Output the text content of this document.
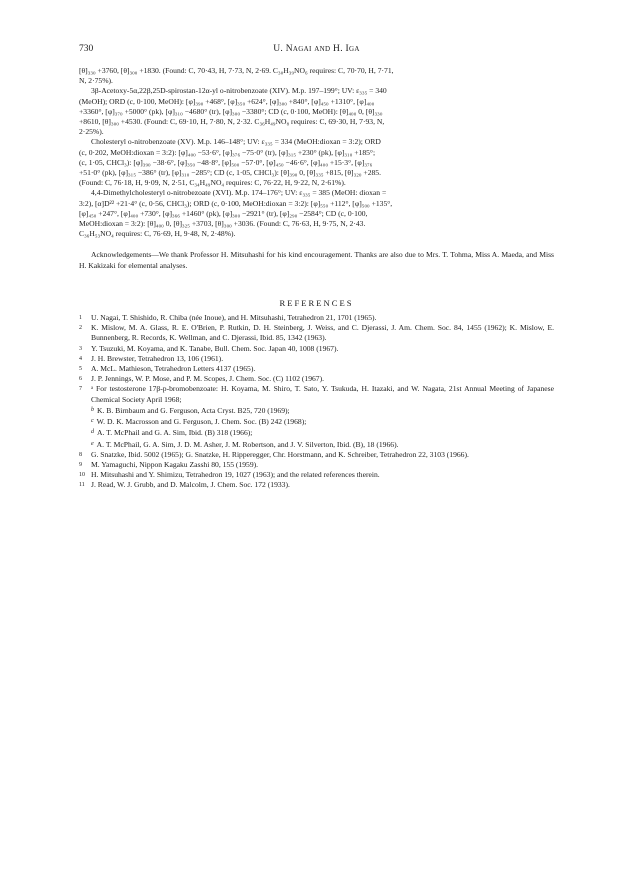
730	U. Nagai and H. Iga
[θ]₃₃₀ +3760, [θ]₃₀₀ +1830. (Found: C, 70·43, H, 7·73, N, 2·69. C₃₀H₃₉NO₆ requires: C, 70·70, H, 7·71,
N, 2·75%).
3β-Acetoxy-5α,22β,25D-spirostan-12α-yl o-nitrobenzoate (XIV). M.p. 197–199°; UV: ε₃₃₅ = 340
(MeOH); ORD (c, 0·100, MeOH): [φ]₃₉₀ +468°, [φ]₃₅₀ +624°, [φ]₃₀₀ +840°, [φ]₄₅₀ +1310°, [φ]₄₀₀
+3360°, [φ]₃₇₀ +5000° (pk), [φ]₃₁₀ −4680° (tr), [φ]₃₀₀ −3380°; CD (c, 0·100, MeOH): [θ]₄₀₀ 0, [θ]₃₃₀
+8610, [θ]₃₀₀ +4530. (Found: C, 69·10, H, 7·80, N, 2·32. C₃₆H₄₉NO₈ requires: C, 69·30, H, 7·93, N,
2·25%).
Cholesteryl o-nitrobenzoate (XV). M.p. 146–148°; UV: ε₃₃₅ = 334 (MeOH:dioxan = 3:2); ORD
(c, 0·202, MeOH:dioxan = 3:2): [φ]₄₀₀ −53·6°, [φ]₃₇₆ −75·0° (tr), [φ]₃₁₅ +230° (pk), [φ]₃₁₀ +185°;
(c, 1·05, CHCl₃): [φ]₃₉₀ −38·6°, [φ]₃₅₀ −48·8°, [φ]₅₀₀ −57·0°, [φ]₄₅₀ −46·6°, [φ]₄₀₀ +15·3°, [φ]₃₇₆
+51·0° (pk), [φ]₃₁₅ −386° (tr), [φ]₃₁₀ −285°; CD (c, 1·05, CHCl₃): [θ]₃₉₀ 0, [θ]₃₃₅ +815, [θ]₃₂₀ +285.
(Found: C, 76·18, H, 9·09, N, 2·51, C₃₄H₄₉NO₄ requires: C, 76·22, H, 9·22, N, 2·61%).
4,4-Dimethylcholesteryl o-nitrobezoate (XVI). M.p. 174–176°; UV: ε₃₃₅ = 385 (MeOH: dioxan =
3:2), [α]D²² +21·4° (c, 0·56, CHCl₃); ORD (c, 0·100, MeOH:dioxan = 3:2): [φ]₅₅₀ +112°, [φ]₅₀₀ +135°,
[φ]₄₅₀ +247°, [φ]₄₀₀ +730°, [φ]₃₆₆ +1460° (pk), [φ]₃₀₀ −2921° (tr), [φ]₂₉₀ −2584°; CD (c, 0·100,
MeOH:dioxan = 3:2): [θ]₄₀₀ 0, [θ]₃₂₅ +3703, [θ]₃₀₀ +3036. (Found: C, 76·63, H, 9·75, N, 2·43.
C₃₆H₅₃NO₄ requires: C, 76·69, H, 9·48, N, 2·48%).

Acknowledgements—We thank Professor H. Mitsuhashi for his kind encouragement. Thanks are also due to Mrs. T. Tohma, Miss A. Maeda, and Miss H. Kakizaki for elemental analyses.

REFERENCES
1 U. Nagai, T. Shishido, R. Chiba (née Inoue), and H. Mitsuhashi, Tetrahedron 21, 1701 (1965).
2 K. Mislow, M. A. Glass, R. E. O'Brien, P. Rutkin, D. H. Steinberg, J. Weiss, and C. Djerassi, J. Am. Chem. Soc. 84, 1455 (1962); K. Mislow, E. Bunnenberg, R. Records, K. Wellman, and C. Djerassi, Ibid. 85, 1342 (1963).
3 Y. Tsuzuki, M. Koyama, and K. Tanabe, Bull. Chem. Soc. Japan 40, 1008 (1967).
4 J. H. Brewster, Tetrahedron 13, 106 (1961).
5 A. McL. Mathieson, Tetrahedron Letters 4137 (1965).
6 J. P. Jennings, W. P. Mose, and P. M. Scopes, J. Chem. Soc. (C) 1102 (1967).
7 ᵃ For testosterone 17β-p-bromobenzoate: H. Koyama, M. Shiro, T. Sato, Y. Tsukuda, H. Itazaki, and W. Nagata, 21st Annual Meeting of Japanese Chemical Society April 1968;
$^b$ K. B. Birnbaum and G. Ferguson, Acta Cryst. B25, 720 (1969);
$^c$ W. D. K. Macrosson and G. Ferguson, J. Chem. Soc. (B) 242 (1968);
$^d$ A. T. McPhail and G. A. Sim, Ibid. (B) 318 (1966);
$^e$ A. T. McPhail, G. A. Sim, J. D. M. Asher, J. M. Robertson, and J. V. Silverton, Ibid. (B), 18 (1966).
8 G. Snatzke, Ibid. 5002 (1965); G. Snatzke, H. Ripperegger, Chr. Horstmann, and K. Schreiber, Tetrahedron 22, 3103 (1966).
9 M. Yamaguchi, Nippon Kagaku Zasshi 80, 155 (1959).
10 H. Mitsuhashi and Y. Shimizu, Tetrahedron 19, 1027 (1963); and the related references therein.
11 J. Read, W. J. Grubb, and D. Malcolm, J. Chem. Soc. 172 (1933).
